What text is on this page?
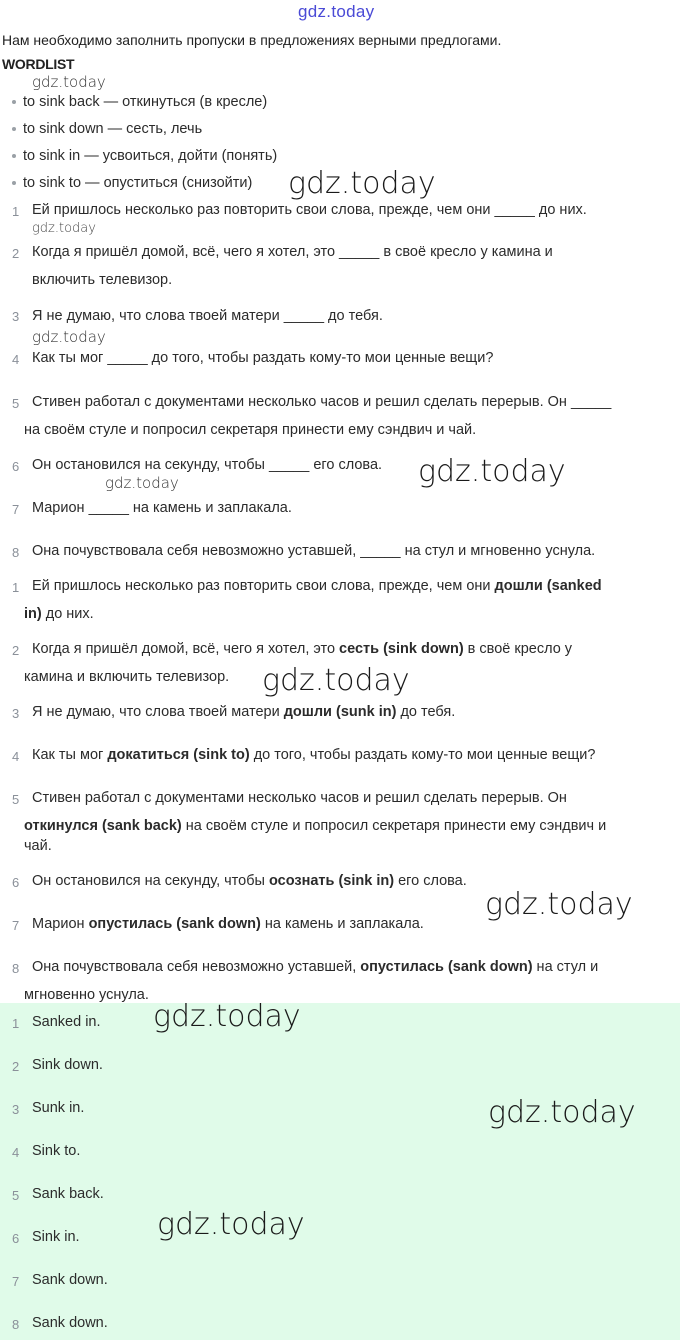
gdz.today
Нам необходимо заполнить пропуски в предложениях верными предлогами.
WORDLIST
gdz.today
to sink back — откинуться (в кресле)
to sink down — сесть, лечь
to sink in — усвоиться, дойти (понять)
to sink to — опуститься (снизойти) gdz.today
1 Ей пришлось несколько раз повторить свои слова, прежде, чем они _____ до них.
gdz.today
2 Когда я пришёл домой, всё, чего я хотел, это _____ в своё кресло у камина и
включить телевизор.
3 Я не думаю, что слова твоей матери _____ до тебя.
gdz.today
4 Как ты мог _____ до того, чтобы раздать кому-то мои ценные вещи?
5 Стивен работал с документами несколько часов и решил сделать перерыв. Он _____
на своём стуле и попросил секретаря принести ему сэндвич и чай.
6 Он остановился на секунду, чтобы _____ его слова. gdz.today
gdz.today
7 Марион _____ на камень и заплакала.
8 Она почувствовала себя невозможно уставшей, _____ на стул и мгновенно уснула.
1 Ей пришлось несколько раз повторить свои слова, прежде, чем они дошли (sanked
in) до них.
2 Когда я пришёл домой, всё, чего я хотел, это сесть (sink down) в своё кресло у
камина и включить телевизор. gdz.today
3 Я не думаю, что слова твоей матери дошли (sunk in) до тебя.
4 Как ты мог докатиться (sink to) до того, чтобы раздать кому-то мои ценные вещи?
5 Стивен работал с документами несколько часов и решил сделать перерыв. Он
откинулся (sank back) на своём стуле и попросил секретаря принести ему сэндвич и
чай.
6 Он остановился на секунду, чтобы осознать (sink in) его слова.
gdz.today
7 Марион опустилась (sank down) на камень и заплакала.
8 Она почувствовала себя невозможно уставшей, опустилась (sank down) на стул и
мгновенно уснула.
1 Sanked in. gdz.today
2 Sink down.
3 Sunk in.	gdz.today
4 Sink to.
5 Sank back.
6 Sink in.	gdz.today
7 Sank down.
8 Sank down.
